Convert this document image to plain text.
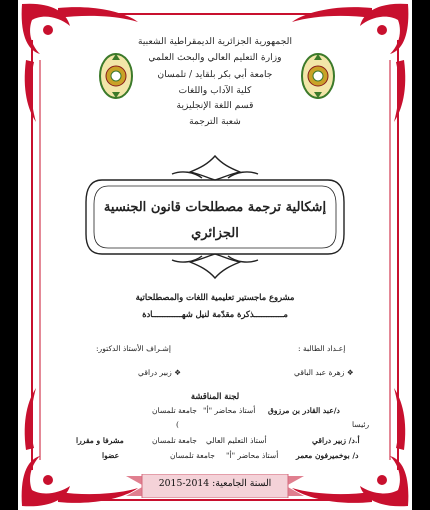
الجمهورية الجزائرية الديمقراطية الشعبية
وزارة التعليم العالي والبحث العلمي
جامعة أبي بكر بلقايد / تلمسان
كلية الآداب واللغات
قسم اللغة الإنجليزية
شعبة الترجمة
إشكالية ترجمة مصطلحات قانون الجنسية
الجزائري
مشروع ماجستير تعليمية اللغات والمصطلحاتية
مــــــــــــذكرة مقدّمة لنيل شهــــــــــــادة
إعـداد الطالبة :
إشـراف الأستاذ الدكتور:
❖ زهرة عبد الباقي
❖ زبير دراقي
لجنة المناقشة
د/عبد القادر بن مرزوق
أستاذ محاضر "أ"
جامعة تلمسان
رئيسا
)
أ.د/ زبير دراقي
أستاذ التعليم العالي
جامعة تلمسان
مشرفا و مقررا
د/ بوخميرفون معمر
أستاذ محاضر "أ"
جامعة تلمسان
عضوا
السنة الجامعية: 2014-2015
